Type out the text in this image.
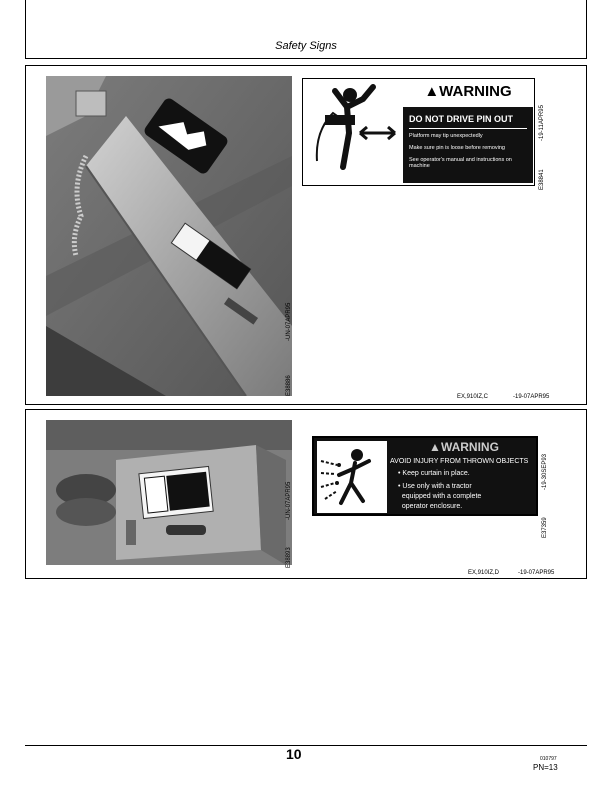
Safety Signs
-UN-07APR95
E38886
▲WARNING
DO NOT DRIVE PIN OUT
Platform may tip unexpectedly
Make sure pin is loose before removing
See operator's manual and instructions on machine
-19-11APR95
E38841
EX,910IZ,C	-19-07APR95
-UN-07APR95
E38893
▲WARNING
AVOID INJURY FROM THROWN OBJECTS
• Keep curtain in place.
• Use only with a tractor
equipped with a complete
operator enclosure.
-19-30SEP93
E37359
EX,910IZ,D	-19-07APR95
10	010797
PN=13
